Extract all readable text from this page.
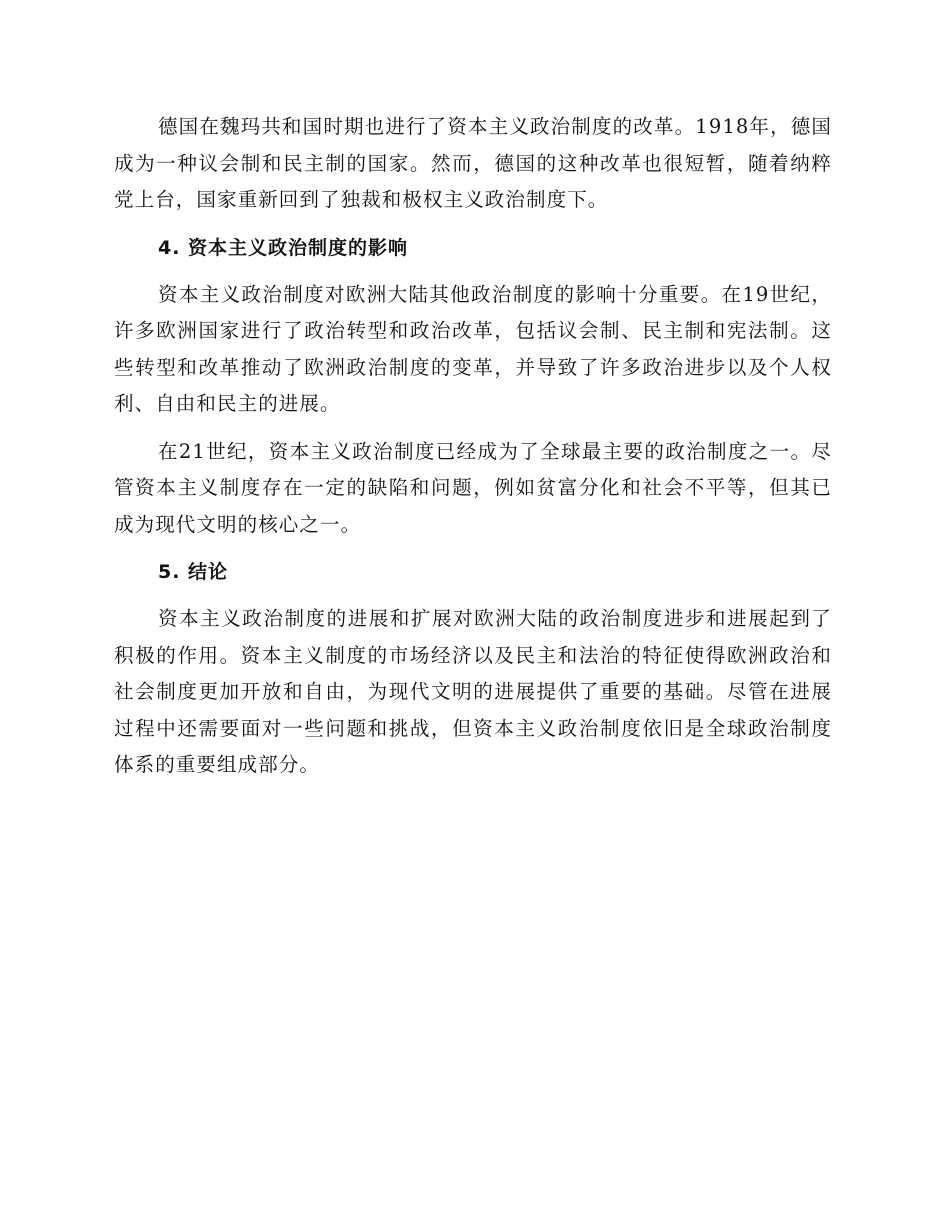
德国在魏玛共和国时期也进行了资本主义政治制度的改革。1918年，德国成为一种议会制和民主制的国家。然而，德国的这种改革也很短暂，随着纳粹党上台，国家重新回到了独裁和极权主义政治制度下。

4. 资本主义政治制度的影响

资本主义政治制度对欧洲大陆其他政治制度的影响十分重要。在19世纪，许多欧洲国家进行了政治转型和政治改革，包括议会制、民主制和宪法制。这些转型和改革推动了欧洲政治制度的变革，并导致了许多政治进步以及个人权利、自由和民主的进展。

在21世纪，资本主义政治制度已经成为了全球最主要的政治制度之一。尽管资本主义制度存在一定的缺陷和问题，例如贫富分化和社会不平等，但其已成为现代文明的核心之一。

5. 结论

资本主义政治制度的进展和扩展对欧洲大陆的政治制度进步和进展起到了积极的作用。资本主义制度的市场经济以及民主和法治的特征使得欧洲政治和社会制度更加开放和自由，为现代文明的进展提供了重要的基础。尽管在进展过程中还需要面对一些问题和挑战，但资本主义政治制度依旧是全球政治制度体系的重要组成部分。
